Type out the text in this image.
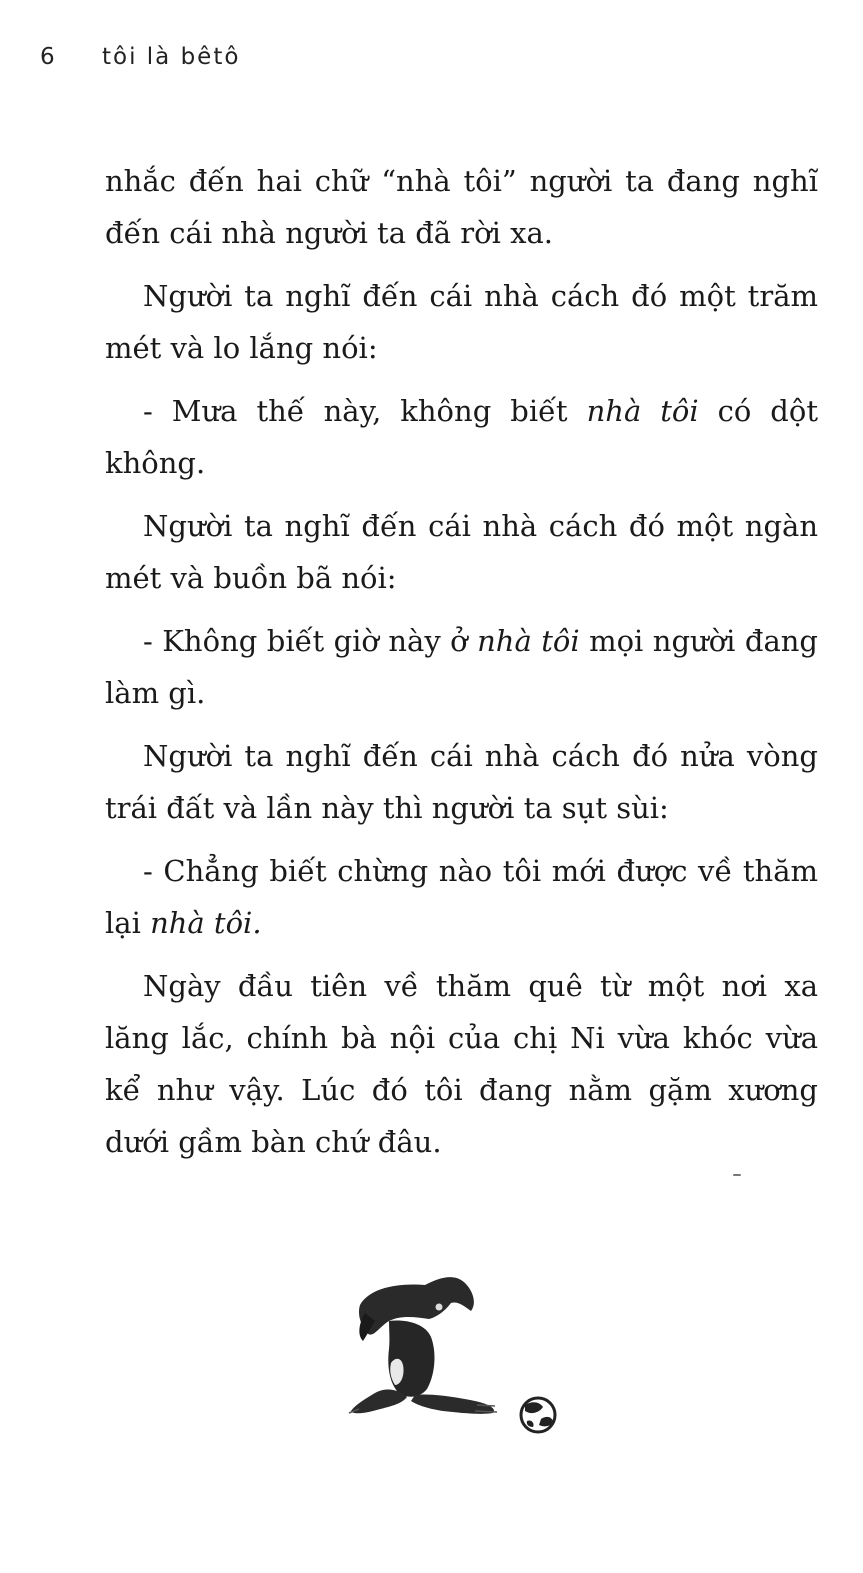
6 tôi là bêtô

nhắc đến hai chữ “nhà tôi” người ta đang nghĩ đến cái nhà người ta đã rời xa.

Người ta nghĩ đến cái nhà cách đó một trăm mét và lo lắng nói:

- Mưa thế này, không biết nhà tôi có dột không.

Người ta nghĩ đến cái nhà cách đó một ngàn mét và buồn bã nói:

- Không biết giờ này ở nhà tôi mọi người đang làm gì.

Người ta nghĩ đến cái nhà cách đó nửa vòng trái đất và lần này thì người ta sụt sùi:

- Chẳng biết chừng nào tôi mới được về thăm lại nhà tôi.

Ngày đầu tiên về thăm quê từ một nơi xa lăng lắc, chính bà nội của chị Ni vừa khóc vừa kể như vậy. Lúc đó tôi đang nằm gặm xương dưới gầm bàn chứ đâu.
